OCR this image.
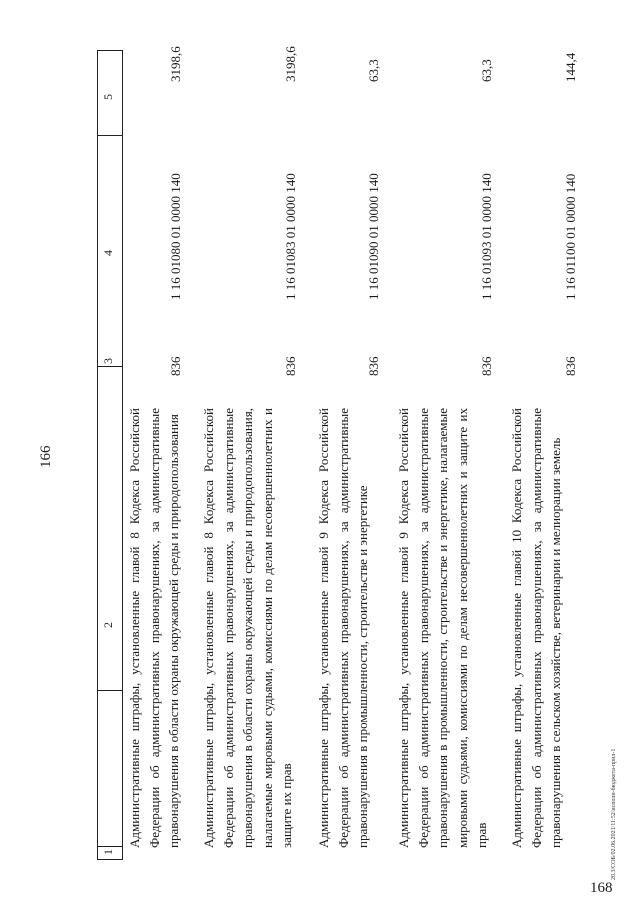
166
5
4
3
2
1
Административные штрафы, установленные главой 8 Кодекса Российской Федерации об административных правонарушениях, за административные правонарушения в области охраны окружающей среды и природопользования
836
1 16 01080 01 0000 140
3198,6
Административные штрафы, установленные главой 8 Кодекса Российской Федерации об административных правонарушениях, за административные правонарушения в области охраны окружающей среды и природопользования, налагаемые мировыми судьями, комиссиями по делам несовершеннолетних и защите их прав
836
1 16 01083 01 0000 140
3198,6
Административные штрафы, установленные главой 9 Кодекса Российской Федерации об административных правонарушениях, за административные правонарушения в промышленности, строительстве и энергетике
836
1 16 01090 01 0000 140
63,3
Административные штрафы, установленные главой 9 Кодекса Российской Федерации об административных правонарушениях, за административные правонарушения в промышленности, строительстве и энергетике, налагаемые мировыми судьями, комиссиями по делам несовершеннолетних и защите их прав
836
1 16 01093 01 0000 140
63,3
Административные штрафы, установленные главой 10 Кодекса Российской Федерации об административных правонарушениях, за административные правонарушения в сельском хозяйстве, ветеринарии и мелиорации земель
836
1 16 01100 01 0000 140
144,4
20.3/СОБ/02.06.2021/11:52/исполн-бюджета-прил-1
168
